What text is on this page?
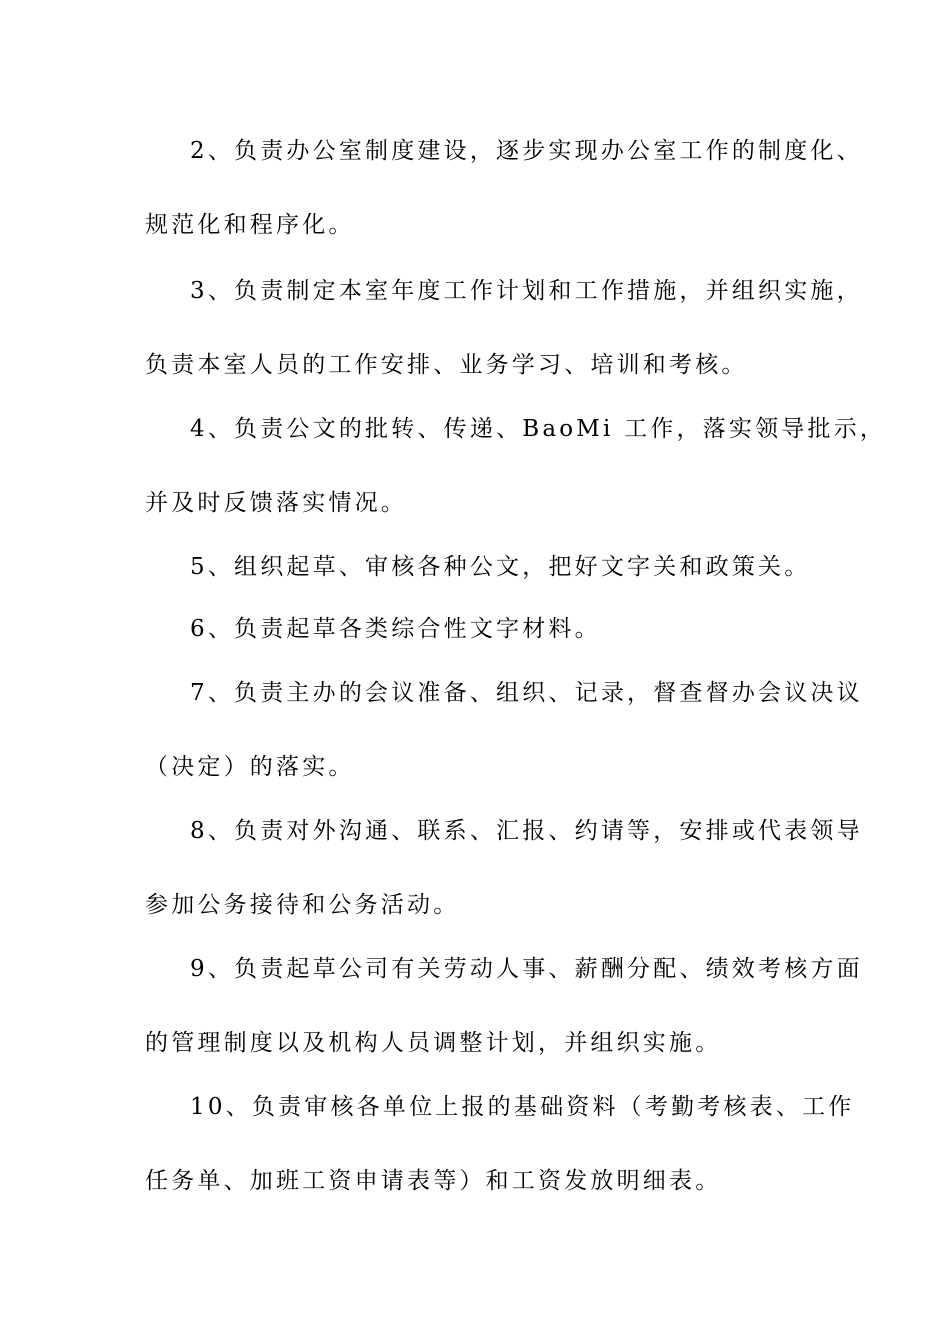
2、负责办公室制度建设，逐步实现办公室工作的制度化、
规范化和程序化。
3、负责制定本室年度工作计划和工作措施，并组织实施，
负责本室人员的工作安排、业务学习、培训和考核。
4、负责公文的批转、传递、BaoMi 工作，落实领导批示，
并及时反馈落实情况。
5、组织起草、审核各种公文，把好文字关和政策关。
6、负责起草各类综合性文字材料。
7、负责主办的会议准备、组织、记录，督查督办会议决议
（决定）的落实。
8、负责对外沟通、联系、汇报、约请等，安排或代表领导
参加公务接待和公务活动。
9、负责起草公司有关劳动人事、薪酬分配、绩效考核方面
的管理制度以及机构人员调整计划，并组织实施。
10、负责审核各单位上报的基础资料（考勤考核表、工作
任务单、加班工资申请表等）和工资发放明细表。
